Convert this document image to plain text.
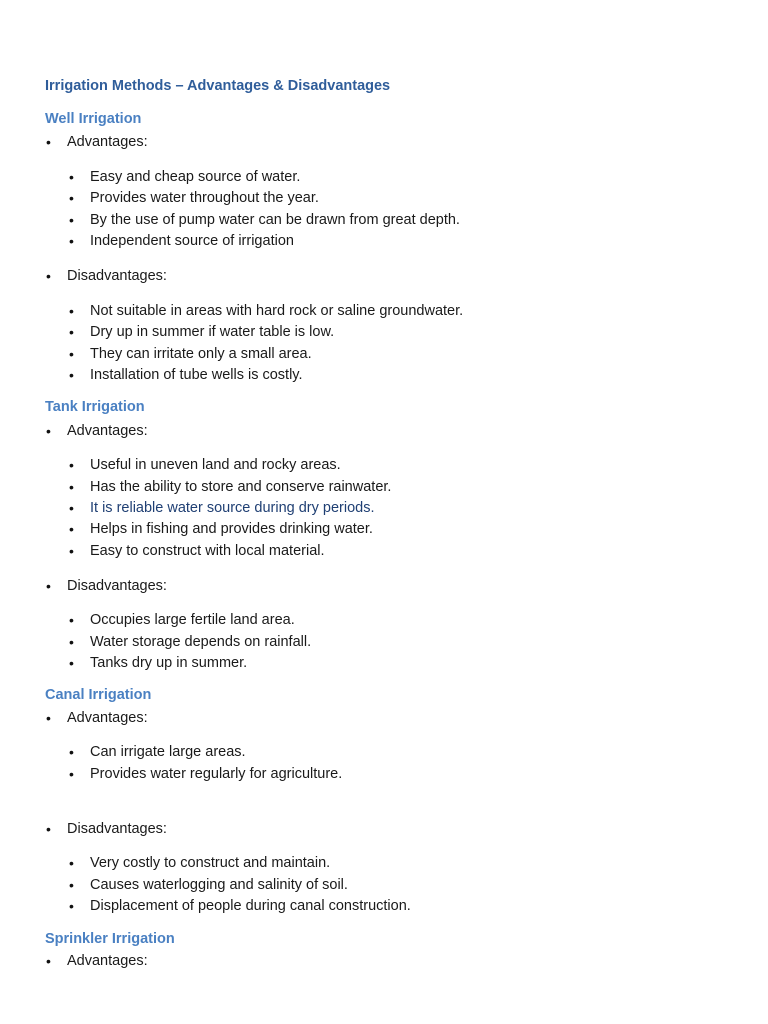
Irrigation Methods – Advantages & Disadvantages
Well Irrigation
• Advantages:
• Easy and cheap source of water.
• Provides water throughout the year.
• By the use of pump water can be drawn from great depth.
• Independent source of irrigation
• Disadvantages:
• Not suitable in areas with hard rock or saline groundwater.
• Dry up in summer if water table is low.
• They can irritate only a small area.
• Installation of tube wells is costly.
Tank Irrigation
• Advantages:
• Useful in uneven land and rocky areas.
• Has the ability to store and conserve rainwater.
• It is reliable water source during dry periods.
• Helps in fishing and provides drinking water.
• Easy to construct with local material.
• Disadvantages:
• Occupies large fertile land area.
• Water storage depends on rainfall.
• Tanks dry up in summer.
Canal Irrigation
• Advantages:
• Can irrigate large areas.
• Provides water regularly for agriculture.
• Disadvantages:
• Very costly to construct and maintain.
• Causes waterlogging and salinity of soil.
• Displacement of people during canal construction.
Sprinkler Irrigation
• Advantages:
